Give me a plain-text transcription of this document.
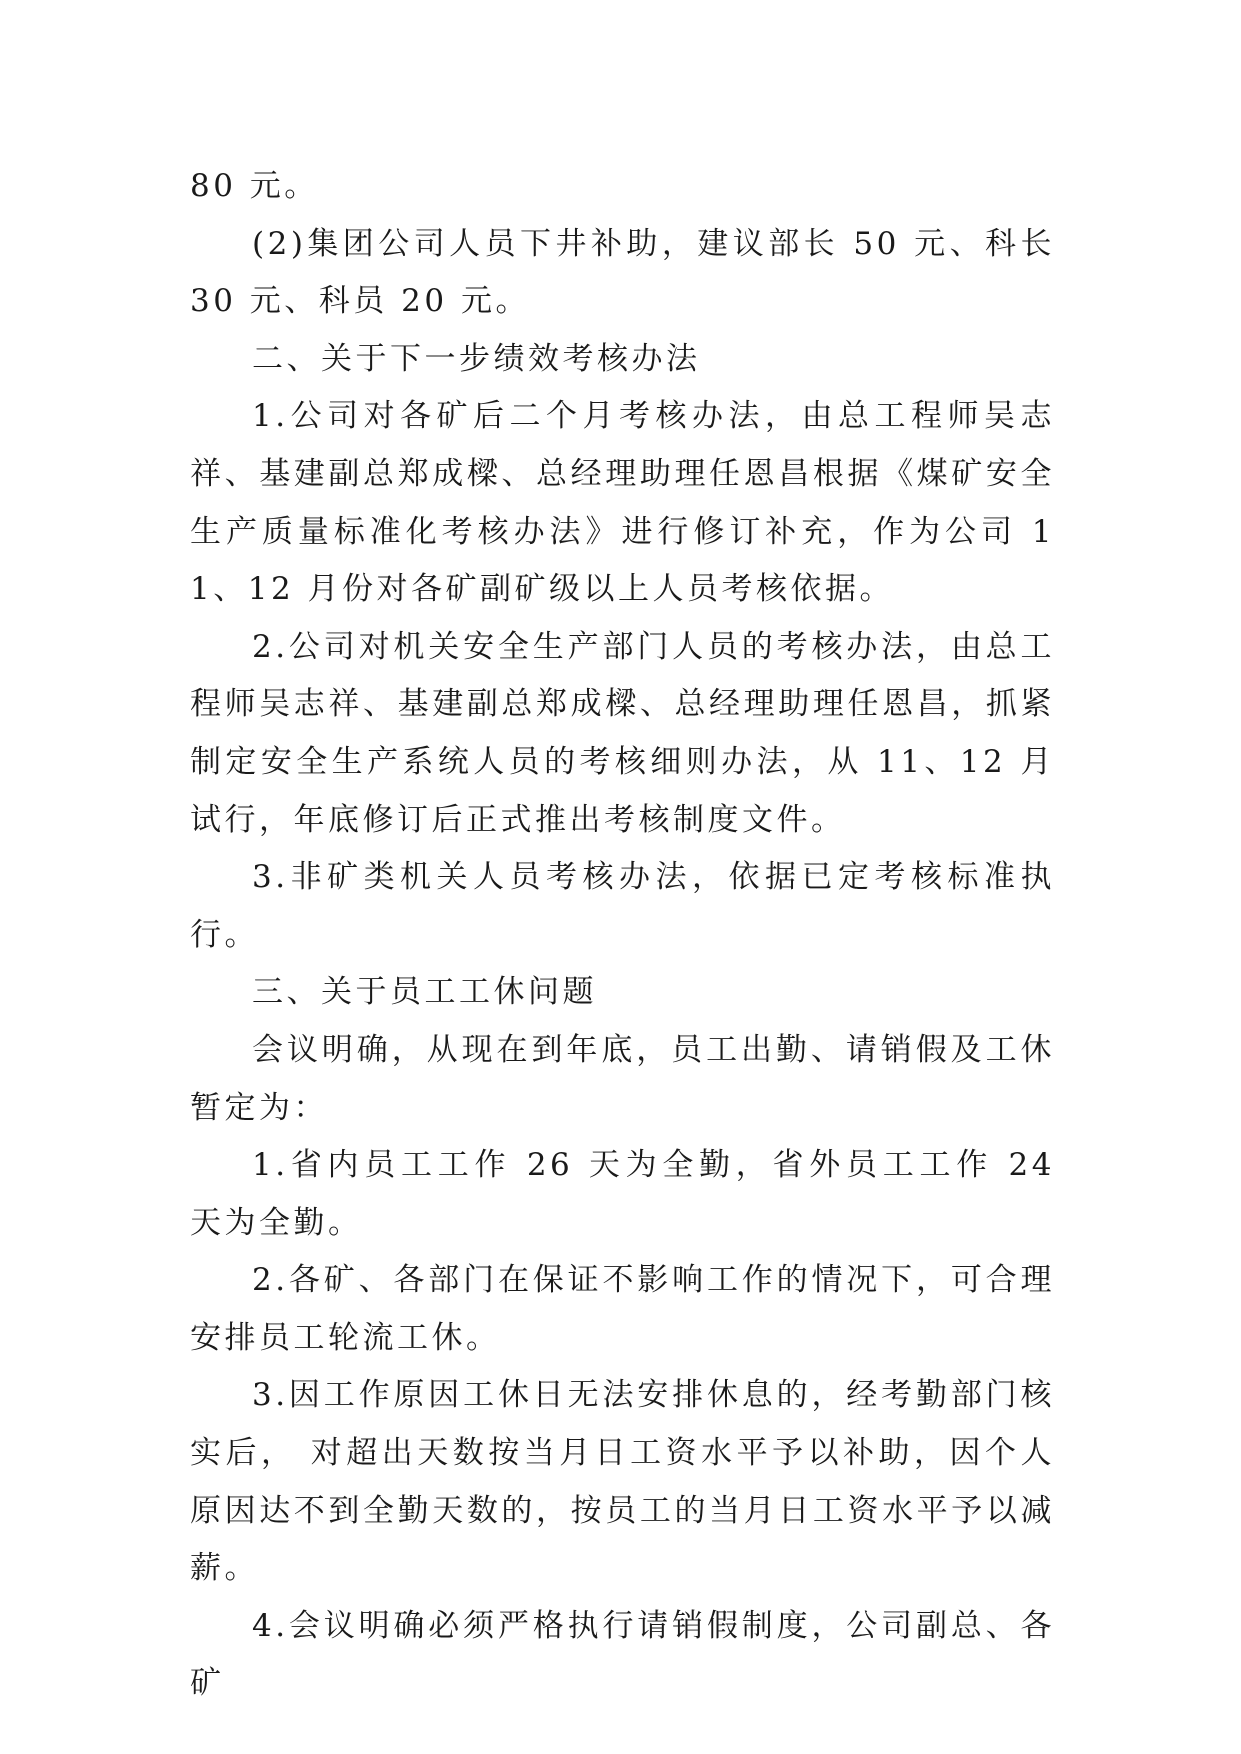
80 元。

(2)集团公司人员下井补助，建议部长 50 元、科长 30 元、科员 20 元。

二、关于下一步绩效考核办法

1.公司对各矿后二个月考核办法，由总工程师吴志祥、基建副总郑成樑、总经理助理任恩昌根据《煤矿安全生产质量标准化考核办法》进行修订补充，作为公司 11、12 月份对各矿副矿级以上人员考核依据。

2.公司对机关安全生产部门人员的考核办法，由总工程师吴志祥、基建副总郑成樑、总经理助理任恩昌，抓紧制定安全生产系统人员的考核细则办法，从 11、12 月试行，年底修订后正式推出考核制度文件。

3.非矿类机关人员考核办法，依据已定考核标准执行。

三、关于员工工休问题

会议明确，从现在到年底，员工出勤、请销假及工休暂定为：

1.省内员工工作 26 天为全勤，省外员工工作 24 天为全勤。

2.各矿、各部门在保证不影响工作的情况下，可合理安排员工轮流工休。

3.因工作原因工休日无法安排休息的，经考勤部门核实后， 对超出天数按当月日工资水平予以补助，因个人原因达不到全勤天数的，按员工的当月日工资水平予以减薪。

4.会议明确必须严格执行请销假制度，公司副总、各矿
